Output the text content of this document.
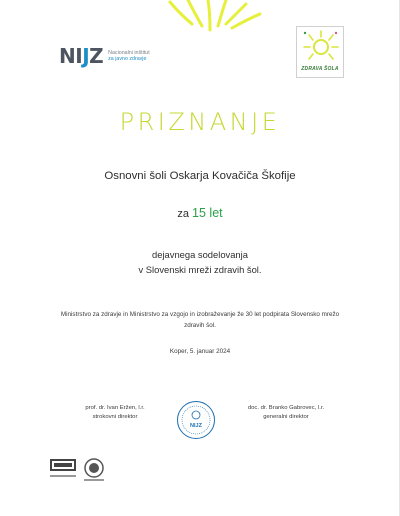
NIJZ Nacionalni inštitut
za javno zdravje
ZDRAVA ŠOLA
PRIZNANJE
Osnovni šoli Oskarja Kovačiča Škofije
za 15 let
dejavnega sodelovanja
v Slovenski mreži zdravih šol.
Ministrstvo za zdravje in Ministrstvo za vzgojo in izobraževanje že 30 let podpirata Slovensko mrežo zdravih šol.
Koper, 5. januar 2024
prof. dr. Ivan Eržen, l.r.
strokovni direktor
NIJZ
doc. dr. Branko Gabrovec, l.r.
generalni direktor
